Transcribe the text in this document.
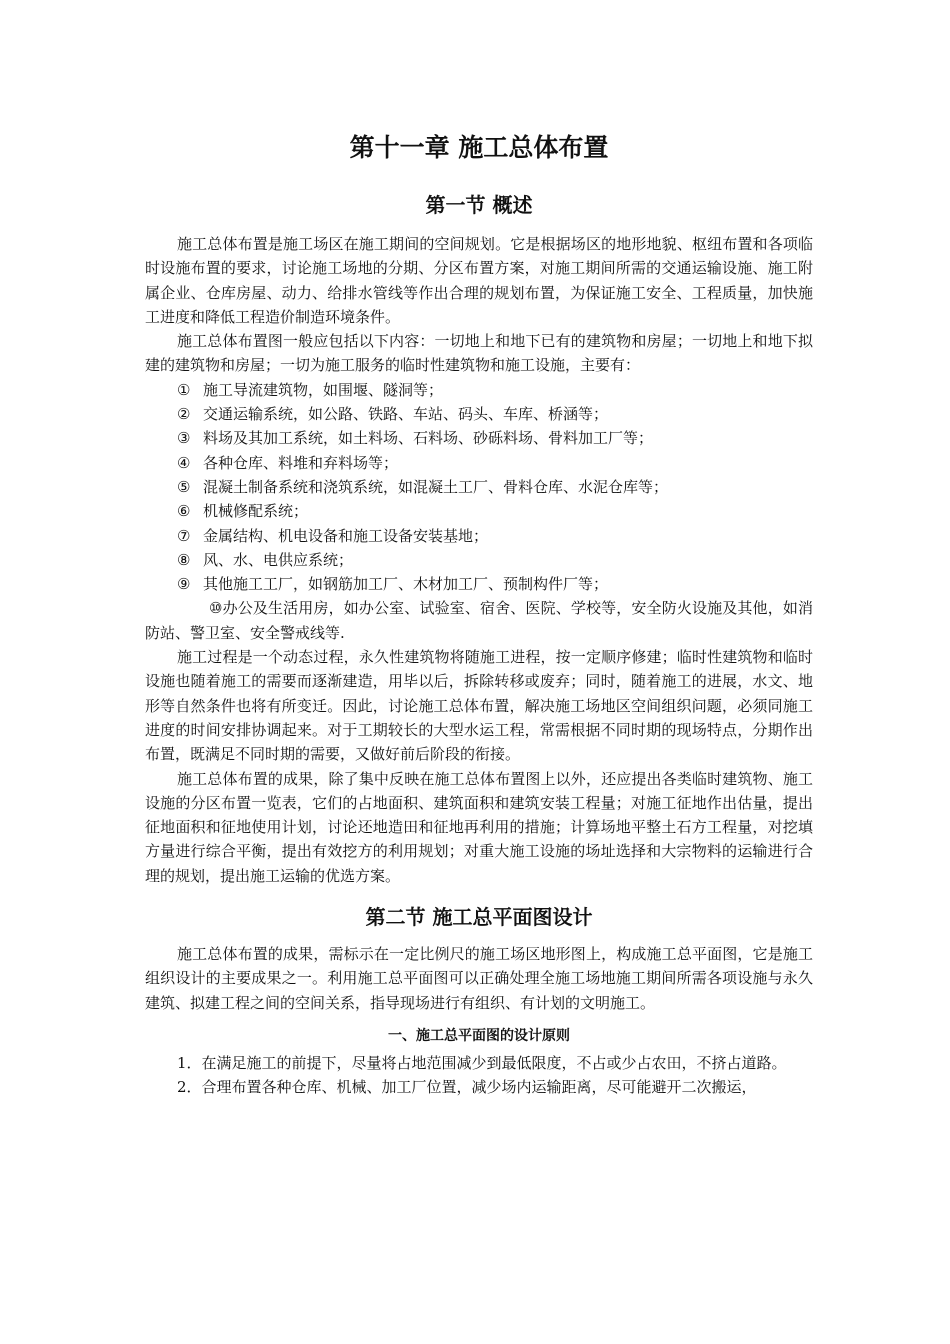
第十一章 施工总体布置
第一节 概述

施工总体布置是施工场区在施工期间的空间规划。它是根据场区的地形地貌、枢纽布置和各项临时设施布置的要求，讨论施工场地的分期、分区布置方案，对施工期间所需的交通运输设施、施工附属企业、仓库房屋、动力、给排水管线等作出合理的规划布置，为保证施工安全、工程质量，加快施工进度和降低工程造价制造环境条件。

施工总体布置图一般应包括以下内容：一切地上和地下已有的建筑物和房屋；一切地上和地下拟建的建筑物和房屋；一切为施工服务的临时性建筑物和施工设施，主要有：

① 施工导流建筑物，如围堰、隧洞等；

② 交通运输系统，如公路、铁路、车站、码头、车库、桥涵等；

③ 料场及其加工系统，如土料场、石料场、砂砾料场、骨料加工厂等；

④ 各种仓库、料堆和弃料场等；

⑤ 混凝土制备系统和浇筑系统，如混凝土工厂、骨料仓库、水泥仓库等；

⑥ 机械修配系统；

⑦ 金属结构、机电设备和施工设备安装基地；

⑧ 风、水、电供应系统；

⑨ 其他施工工厂，如钢筋加工厂、木材加工厂、预制构件厂等；

⑩办公及生活用房，如办公室、试验室、宿舍、医院、学校等，安全防火设施及其他，如消防站、警卫室、安全警戒线等.

施工过程是一个动态过程，永久性建筑物将随施工进程，按一定顺序修建；临时性建筑物和临时设施也随着施工的需要而逐渐建造，用毕以后，拆除转移或废弃；同时，随着施工的进展，水文、地形等自然条件也将有所变迁。因此，讨论施工总体布置，解决施工场地区空间组织问题，必须同施工进度的时间安排协调起来。对于工期较长的大型水运工程，常需根据不同时期的现场特点，分期作出布置，既满足不同时期的需要，又做好前后阶段的衔接。

施工总体布置的成果，除了集中反映在施工总体布置图上以外，还应提出各类临时建筑物、施工设施的分区布置一览表，它们的占地面积、建筑面积和建筑安装工程量；对施工征地作出估量，提出征地面积和征地使用计划，讨论还地造田和征地再利用的措施；计算场地平整土石方工程量，对挖填方量进行综合平衡，提出有效挖方的利用规划；对重大施工设施的场址选择和大宗物料的运输进行合理的规划，提出施工运输的优选方案。

第二节 施工总平面图设计

施工总体布置的成果，需标示在一定比例尺的施工场区地形图上，构成施工总平面图，它是施工组织设计的主要成果之一。利用施工总平面图可以正确处理全施工场地施工期间所需各项设施与永久建筑、拟建工程之间的空间关系，指导现场进行有组织、有计划的文明施工。

一、施工总平面图的设计原则

1．在满足施工的前提下，尽量将占地范围减少到最低限度，不占或少占农田，不挤占道路。

2．合理布置各种仓库、机械、加工厂位置，减少场内运输距离，尽可能避开二次搬运，
